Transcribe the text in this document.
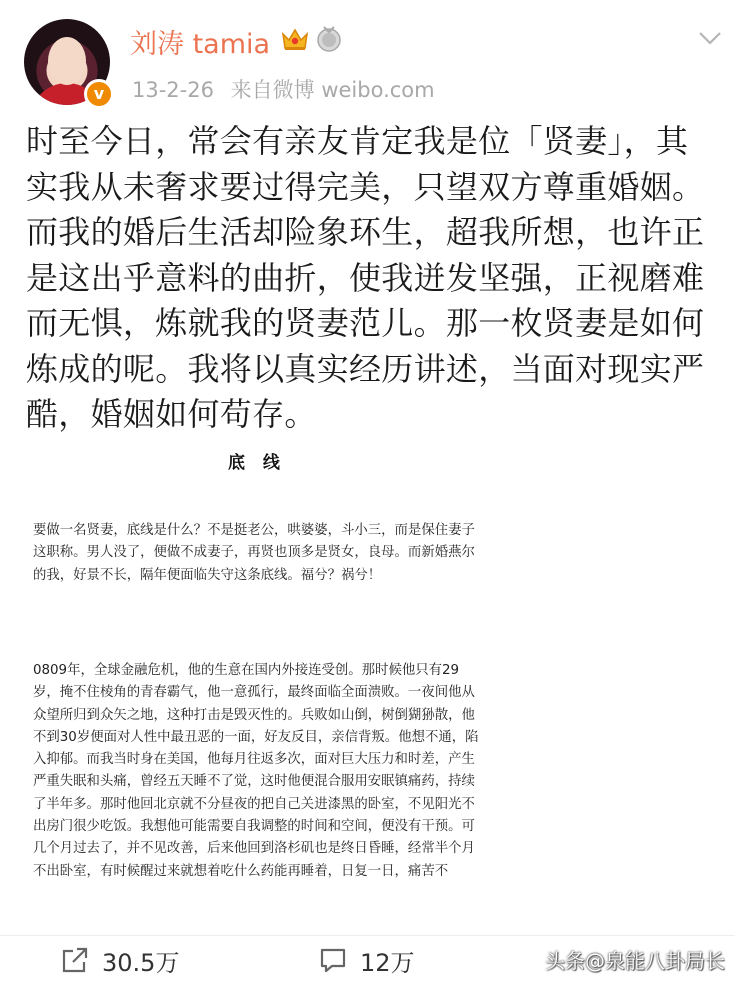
v
刘涛 tamia
13-2-26 来自微博 weibo.com
时至今日，常会有亲友肯定我是位「贤妻」，其实我从未奢求要过得完美，只望双方尊重婚姻。而我的婚后生活却险象环生，超我所想，也许正是这出乎意料的曲折，使我迸发坚强，正视磨难而无惧，炼就我的贤妻范儿。那一枚贤妻是如何炼成的呢。我将以真实经历讲述，当面对现实严酷，婚姻如何苟存。
底 线
要做一名贤妻，底线是什么？不是挺老公，哄婆婆，斗小三，而是保住妻子这职称。男人没了，便做不成妻子，再贤也顶多是贤女，良母。而新婚燕尔的我，好景不长，隔年便面临失守这条底线。福兮？祸兮！
0809年，全球金融危机，他的生意在国内外接连受创。那时候他只有29岁，掩不住棱角的青春霸气，他一意孤行，最终面临全面溃败。一夜间他从众望所归到众矢之地，这种打击是毁灭性的。兵败如山倒，树倒猢狲散，他不到30岁便面对人性中最丑恶的一面，好友反目，亲信背叛。他想不通，陷入抑郁。而我当时身在美国，他每月往返多次，面对巨大压力和时差，产生严重失眠和头痛，曾经五天睡不了觉，这时他便混合服用安眠镇痛药，持续了半年多。那时他回北京就不分昼夜的把自己关进漆黑的卧室，不见阳光不出房门很少吃饭。我想他可能需要自我调整的时间和空间，便没有干预。可几个月过去了，并不见改善，后来他回到洛杉矶也是终日昏睡，经常半个月不出卧室，有时候醒过来就想着吃什么药能再睡着，日复一日，痛苦不
30.5万	12万	头条@泉能八卦局长
